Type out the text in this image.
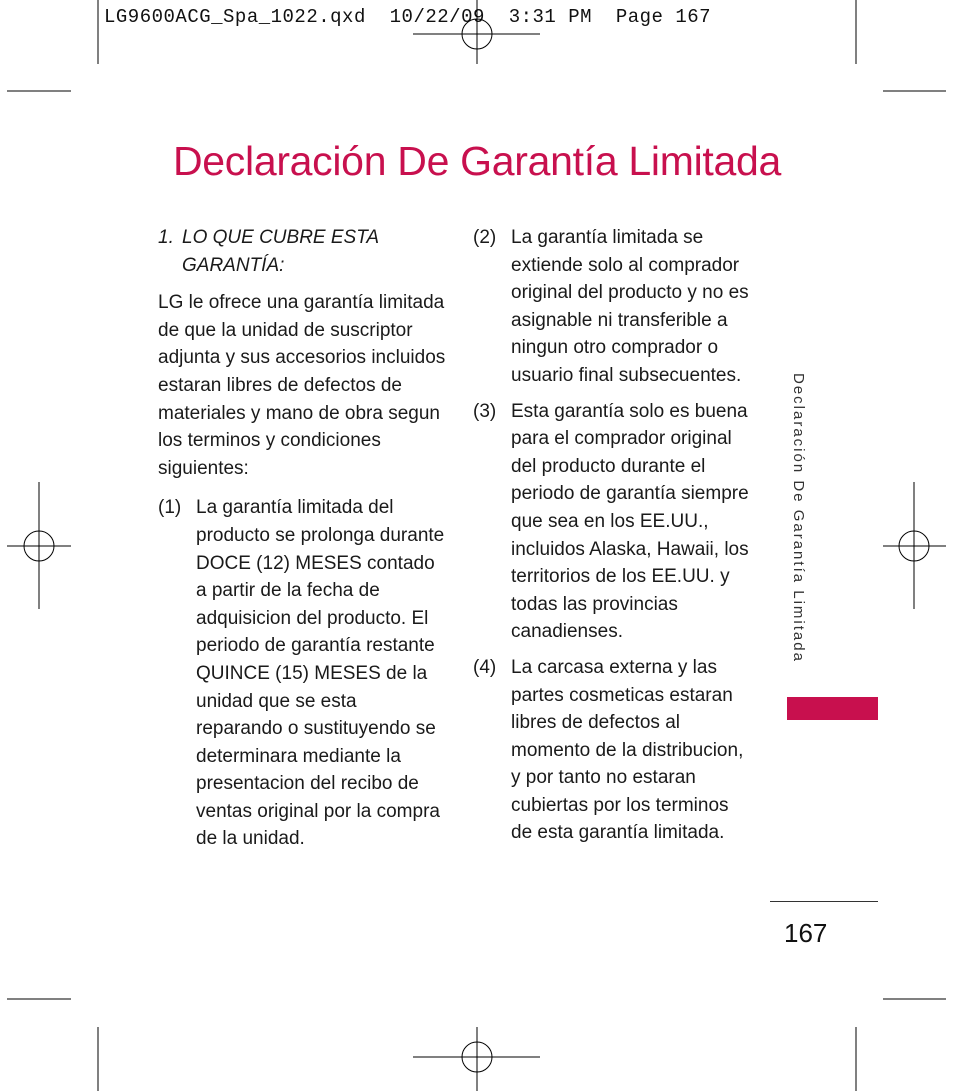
LG9600ACG_Spa_1022.qxd 10/22/09 3:31 PM Page 167
Declaración De Garantía Limitada
1. LO QUE CUBRE ESTA GARANTÍA:

LG le ofrece una garantía limitada de que la unidad de suscriptor adjunta y sus accesorios incluidos estaran libres de defectos de materiales y mano de obra segun los terminos y condiciones siguientes:

(1) La garantía limitada del producto se prolonga durante DOCE (12) MESES contado a partir de la fecha de adquisicion del producto. El periodo de garantía restante QUINCE (15) MESES de la unidad que se esta reparando o sustituyendo se determinara mediante la presentacion del recibo de ventas original por la compra de la unidad.
(2) La garantía limitada se extiende solo al comprador original del producto y no es asignable ni transferible a ningun otro comprador o usuario final subsecuentes.
(3) Esta garantía solo es buena para el comprador original del producto durante el periodo de garantía siempre que sea en los EE.UU., incluidos Alaska, Hawaii, los territorios de los EE.UU. y todas las provincias canadienses.
(4) La carcasa externa y las partes cosmeticas estaran libres de defectos al momento de la distribucion, y por tanto no estaran cubiertas por los terminos de esta garantía limitada.
Declaración De Garantía Limitada
167
